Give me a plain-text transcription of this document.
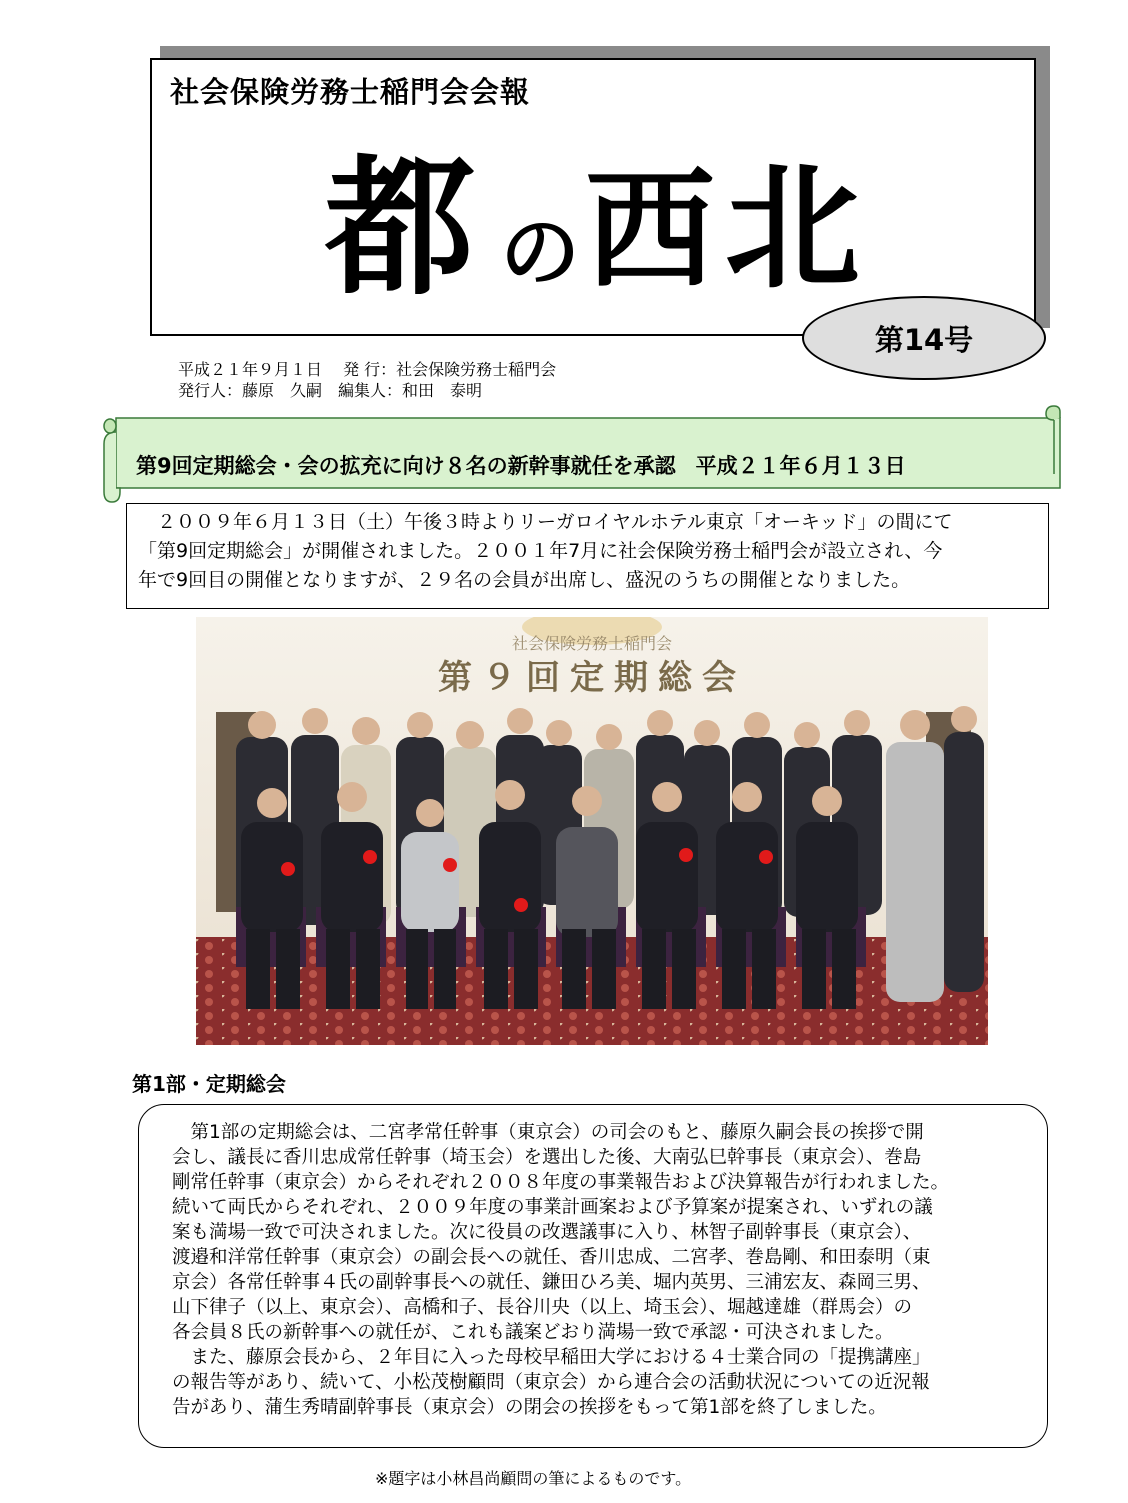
社会保険労務士稲門会会報
都 の 西 北
第14号
平成２１年９月１日　 発 行：社会保険労務士稲門会
発行人：藤原　久嗣　編集人：和田　泰明
第9回定期総会・会の拡充に向け８名の新幹事就任を承認 平成２１年６月１３日
　２００９年６月１３日（土）午後３時よりリーガロイヤルホテル東京「オーキッド」の間にて
「第9回定期総会」が開催されました。２００１年7月に社会保険労務士稲門会が設立され、今
年で9回目の開催となりますが、２９名の会員が出席し、盛況のうちの開催となりました。
社会保険労務士稲門会
第９回定期総会
第1部・定期総会
　第1部の定期総会は、二宮孝常任幹事（東京会）の司会のもと、藤原久嗣会長の挨拶で開
会し、議長に香川忠成常任幹事（埼玉会）を選出した後、大南弘巳幹事長（東京会）、巻島
剛常任幹事（東京会）からそれぞれ２００８年度の事業報告および決算報告が行われました。
続いて両氏からそれぞれ、２００９年度の事業計画案および予算案が提案され、いずれの議
案も満場一致で可決されました。次に役員の改選議事に入り、林智子副幹事長（東京会）、
渡邉和洋常任幹事（東京会）の副会長への就任、香川忠成、二宮孝、巻島剛、和田泰明（東
京会）各常任幹事４氏の副幹事長への就任、鎌田ひろ美、堀内英男、三浦宏友、森岡三男、
山下律子（以上、東京会）、高橋和子、長谷川央（以上、埼玉会）、堀越達雄（群馬会）の
各会員８氏の新幹事への就任が、これも議案どおり満場一致で承認・可決されました。
　また、藤原会長から、２年目に入った母校早稲田大学における４士業合同の「提携講座」
の報告等があり、続いて、小松茂樹顧問（東京会）から連合会の活動状況についての近況報
告があり、蒲生秀晴副幹事長（東京会）の閉会の挨拶をもって第1部を終了しました。
※題字は小林昌尚顧問の筆によるものです。
